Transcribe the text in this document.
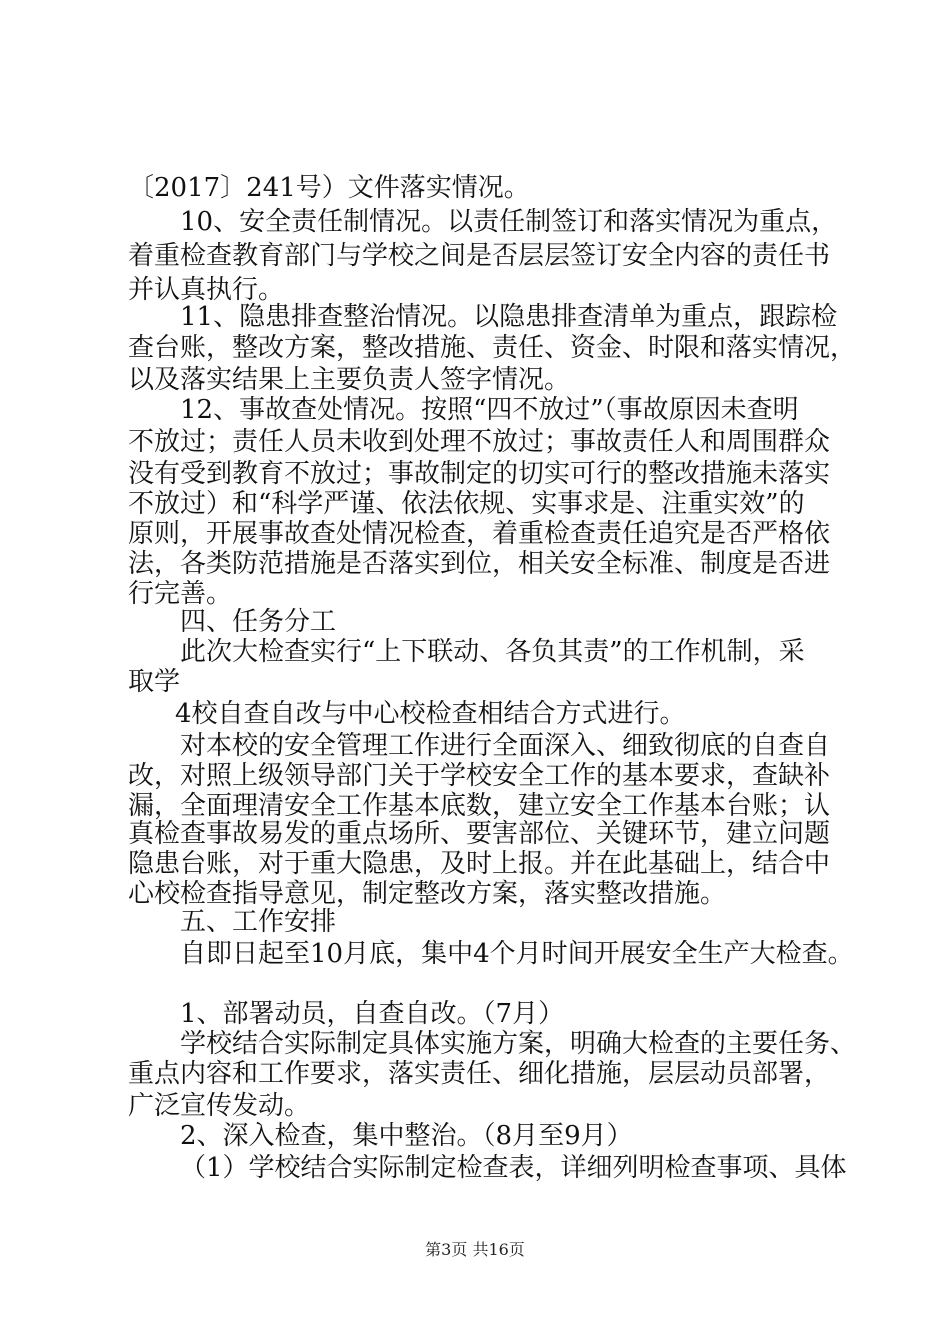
〔2017〕241号）文件落实情况。
10、安全责任制情况。以责任制签订和落实情况为重点，
着重检查教育部门与学校之间是否层层签订安全内容的责任书
并认真执行。
11、隐患排查整治情况。以隐患排查清单为重点，跟踪检
查台账，整改方案，整改措施、责任、资金、时限和落实情况，
以及落实结果上主要负责人签字情况。
12、事故查处情况。按照“四不放过”（事故原因未查明
不放过；责任人员未收到处理不放过；事故责任人和周围群众
没有受到教育不放过；事故制定的切实可行的整改措施未落实
不放过）和“科学严谨、依法依规、实事求是、注重实效”的
原则，开展事故查处情况检查，着重检查责任追究是否严格依
法，各类防范措施是否落实到位，相关安全标准、制度是否进
行完善。
四、任务分工
此次大检查实行“上下联动、各负其责”的工作机制，采
取学
4校自查自改与中心校检查相结合方式进行。
对本校的安全管理工作进行全面深入、细致彻底的自查自
改，对照上级领导部门关于学校安全工作的基本要求，查缺补
漏，全面理清安全工作基本底数，建立安全工作基本台账；认
真检查事故易发的重点场所、要害部位、关键环节，建立问题
隐患台账，对于重大隐患，及时上报。并在此基础上，结合中
心校检查指导意见，制定整改方案，落实整改措施。
五、工作安排
自即日起至10月底，集中4个月时间开展安全生产大检查。
1、部署动员，自查自改。（7月）
学校结合实际制定具体实施方案，明确大检查的主要任务、
重点内容和工作要求，落实责任、细化措施，层层动员部署，
广泛宣传发动。
2、深入检查，集中整治。（8月至9月）
（1）学校结合实际制定检查表，详细列明检查事项、具体
第3页 共16页
